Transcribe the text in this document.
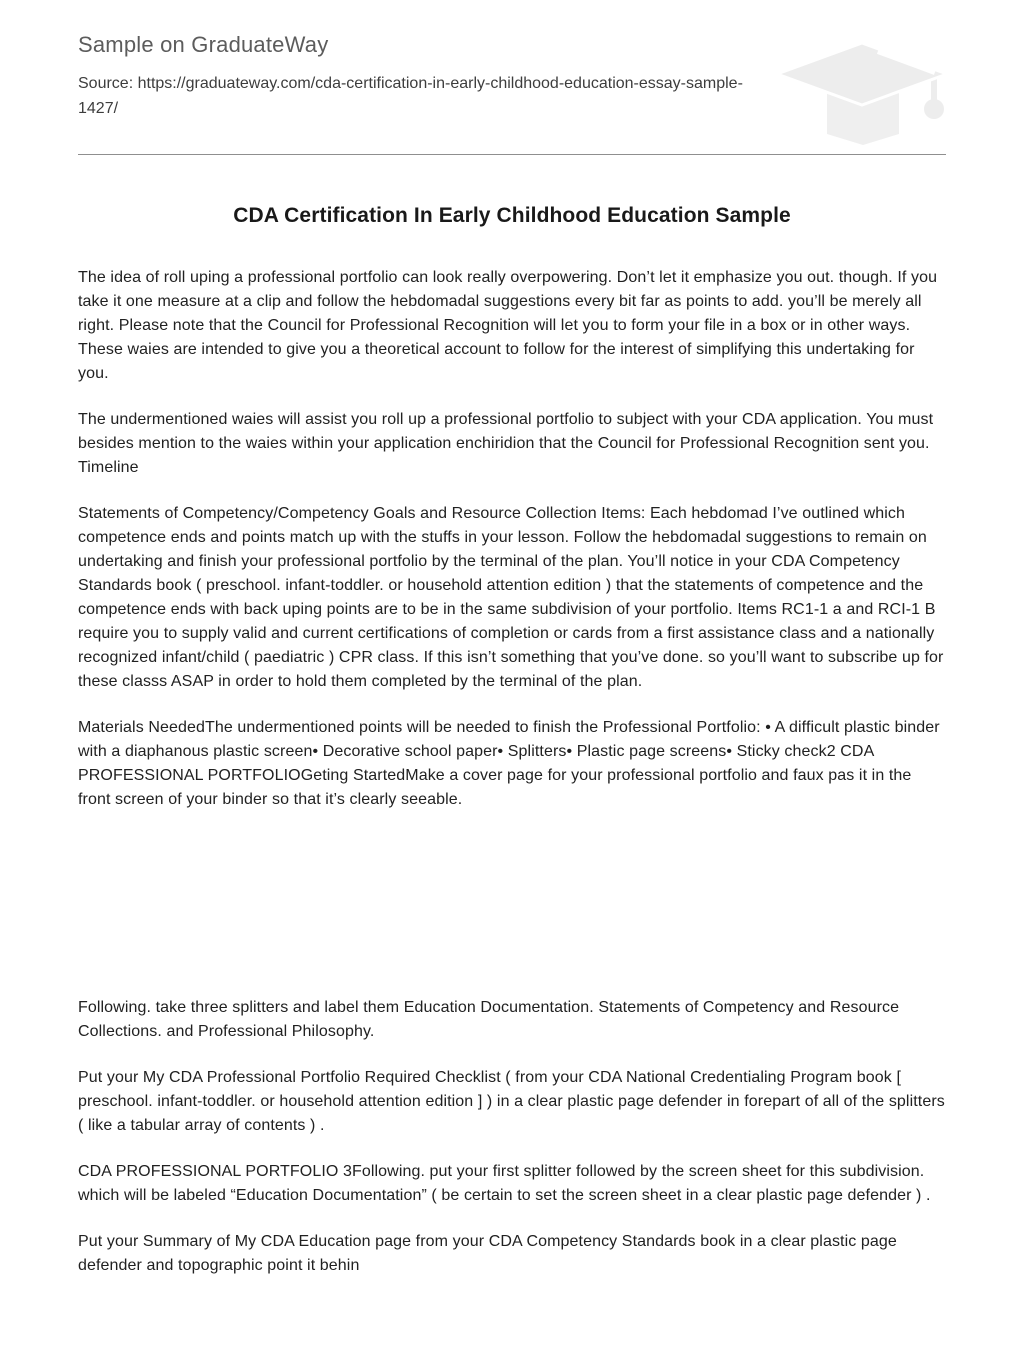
Sample on GraduateWay
Source: https://graduateway.com/cda-certification-in-early-childhood-education-essay-sample-1427/
CDA Certification In Early Childhood Education Sample

The idea of roll uping a professional portfolio can look really overpowering. Don’t let it emphasize you out. though. If you take it one measure at a clip and follow the hebdomadal suggestions every bit far as points to add. you’ll be merely all right. Please note that the Council for Professional Recognition will let you to form your file in a box or in other ways. These waies are intended to give you a theoretical account to follow for the interest of simplifying this undertaking for you.

The undermentioned waies will assist you roll up a professional portfolio to subject with your CDA application. You must besides mention to the waies within your application enchiridion that the Council for Professional Recognition sent you. Timeline

Statements of Competency/Competency Goals and Resource Collection Items: Each hebdomad I’ve outlined which competence ends and points match up with the stuffs in your lesson. Follow the hebdomadal suggestions to remain on undertaking and finish your professional portfolio by the terminal of the plan. You’ll notice in your CDA Competency Standards book ( preschool. infant-toddler. or household attention edition ) that the statements of competence and the competence ends with back uping points are to be in the same subdivision of your portfolio. Items RC1-1 a and RCI-1 B require you to supply valid and current certifications of completion or cards from a first assistance class and a nationally recognized infant/child ( paediatric ) CPR class. If this isn’t something that you’ve done. so you’ll want to subscribe up for these classs ASAP in order to hold them completed by the terminal of the plan.

Materials NeededThe undermentioned points will be needed to finish the Professional Portfolio: • A difficult plastic binder with a diaphanous plastic screen• Decorative school paper• Splitters• Plastic page screens• Sticky check2 CDA PROFESSIONAL PORTFOLIOGeting StartedMake a cover page for your professional portfolio and faux pas it in the front screen of your binder so that it’s clearly seeable.

Following. take three splitters and label them Education Documentation. Statements of Competency and Resource Collections. and Professional Philosophy.

Put your My CDA Professional Portfolio Required Checklist ( from your CDA National Credentialing Program book [ preschool. infant-toddler. or household attention edition ] ) in a clear plastic page defender in forepart of all of the splitters ( like a tabular array of contents ) .

CDA PROFESSIONAL PORTFOLIO 3Following. put your first splitter followed by the screen sheet for this subdivision. which will be labeled “Education Documentation” ( be certain to set the screen sheet in a clear plastic page defender ) .

Put your Summary of My CDA Education page from your CDA Competency Standards book in a clear plastic page defender and topographic point it behin
